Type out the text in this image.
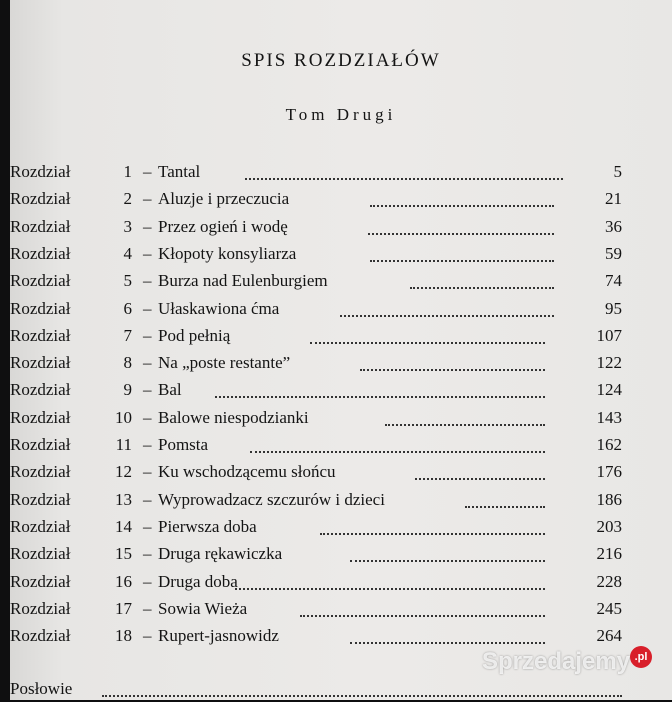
SPIS ROZDZIAŁÓW
Tom Drugi
Rozdział	1 – Tantal	5
Rozdział	2 – Aluzje i przeczucia	21
Rozdział	3 – Przez ogień i wodę	36
Rozdział	4 – Kłopoty konsyliarza	59
Rozdział	5 – Burza nad Eulenburgiem	74
Rozdział	6 – Ułaskawiona ćma	95
Rozdział	7 – Pod pełnią	107
Rozdział	8 – Na „poste restante”	122
Rozdział	9 – Bal	124
Rozdział	10 – Balowe niespodzianki	143
Rozdział	11 – Pomsta	162
Rozdział	12 – Ku wschodzącemu słońcu	176
Rozdział	13 – Wyprowadzacz szczurów i dzieci	186
Rozdział	14 – Pierwsza doba	203
Rozdział	15 – Druga rękawiczka	216
Rozdział	16 – Druga doba	228
Rozdział	17 – Sowia Wieża	245
Rozdział	18 – Rupert-jasnowidz	264
Posłowie
Sprzedajemy .pl
